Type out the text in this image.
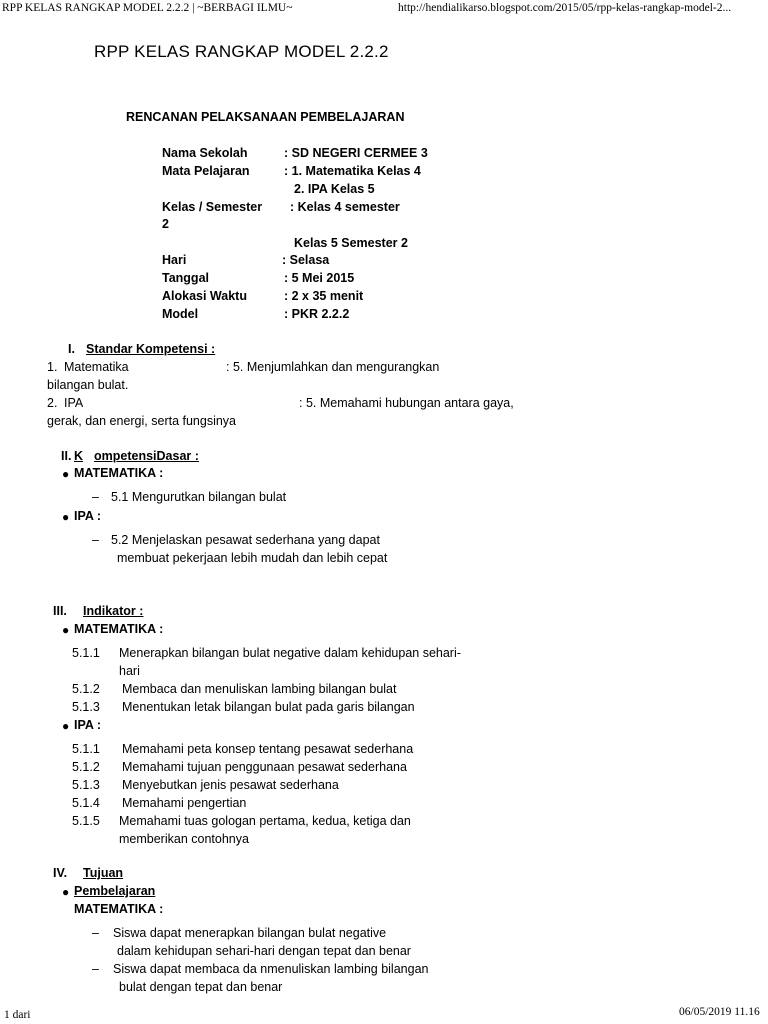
RPP KELAS RANGKAP MODEL 2.2.2 | ~BERBAGI ILMU~	http://hendialikarso.blogspot.com/2015/05/rpp-kelas-rangkap-model-2...
RPP KELAS RANGKAP MODEL 2.2.2
RENCANAN PELAKSANAAN PEMBELAJARAN
Nama Sekolah	: SD NEGERI CERMEE 3
Mata Pelajaran	: 1. Matematika Kelas 4
2. IPA Kelas 5
Kelas / Semester : Kelas 4 semester
2
Kelas 5 Semester 2
Hari	: Selasa
Tanggal	: 5 Mei 2015
Alokasi Waktu	: 2 x 35 menit
Model	: PKR 2.2.2
I. Standar Kompetensi :
1. Matematika	: 5. Menjumlahkan dan mengurangkan
bilangan bulat.
2. IPA	: 5. Memahami hubungan antara gaya,
gerak, dan energi, serta fungsinya
II. K ompetensiDasar :
● MATEMATIKA :
– 5.1 Mengurutkan bilangan bulat
● IPA :
– 5.2 Menjelaskan pesawat sederhana yang dapat
membuat pekerjaan lebih mudah dan lebih cepat
III. Indikator :
● MATEMATIKA :
5.1.1 Menerapkan bilangan bulat negative dalam kehidupan sehari-
hari
5.1.2 Membaca dan menuliskan lambing bilangan bulat
5.1.3 Menentukan letak bilangan bulat pada garis bilangan
● IPA :
5.1.1 Memahami peta konsep tentang pesawat sederhana
5.1.2 Memahami tujuan penggunaan pesawat sederhana
5.1.3 Menyebutkan jenis pesawat sederhana
5.1.4 Memahami pengertian
5.1.5 Memahami tuas gologan pertama, kedua, ketiga dan
memberikan contohnya
IV. Tujuan
● Pembelajaran
MATEMATIKA :
– Siswa dapat menerapkan bilangan bulat negative
dalam kehidupan sehari-hari dengan tepat dan benar
– Siswa dapat membaca da nmenuliskan lambing bilangan
bulat dengan tepat dan benar
1 dari	06/05/2019 11.16
